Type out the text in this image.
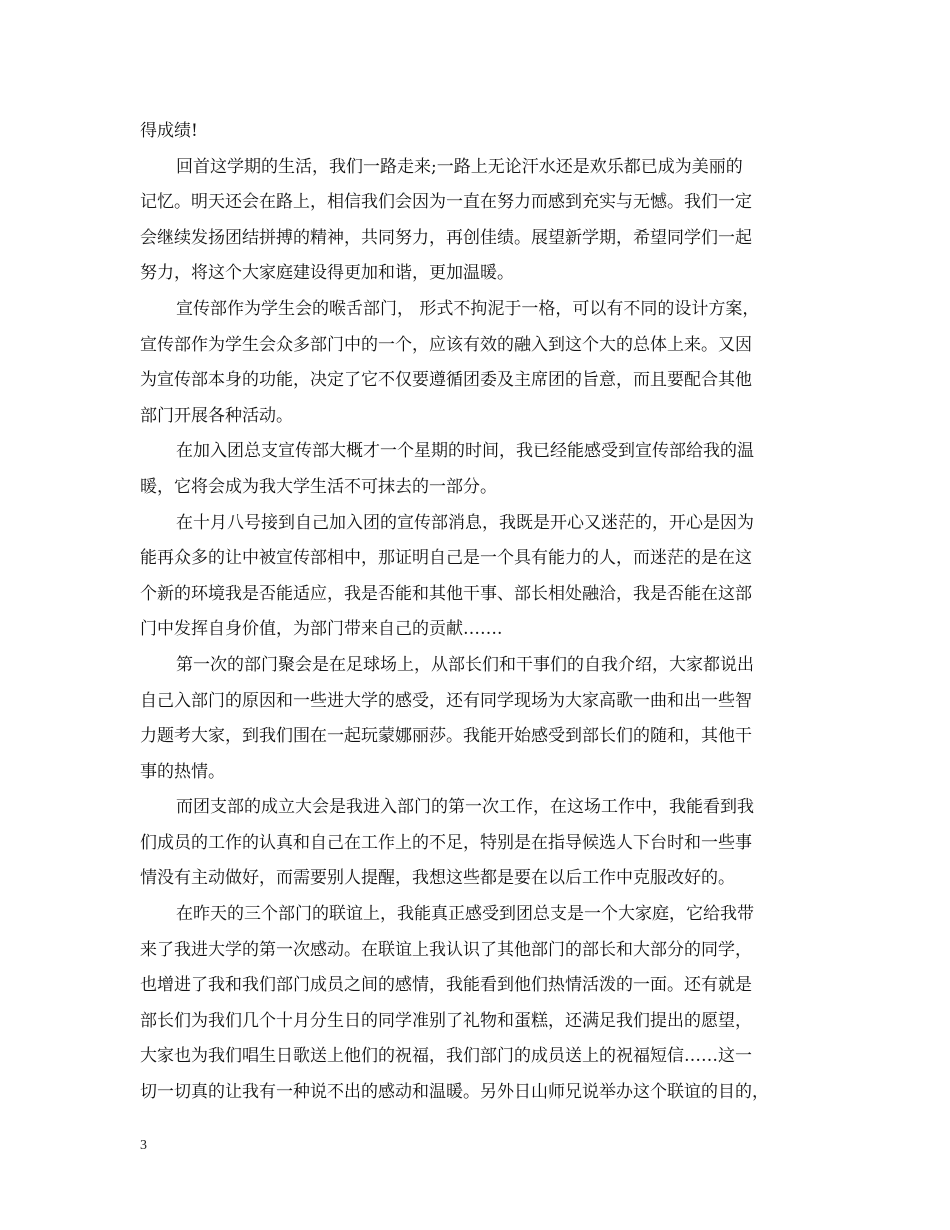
得成绩!
回首这学期的生活，我们一路走来;一路上无论汗水还是欢乐都已成为美丽的
记忆。明天还会在路上，相信我们会因为一直在努力而感到充实与无憾。我们一定
会继续发扬团结拼搏的精神，共同努力，再创佳绩。展望新学期，希望同学们一起
努力，将这个大家庭建设得更加和谐，更加温暖。
宣传部作为学生会的喉舌部门， 形式不拘泥于一格，可以有不同的设计方案，
宣传部作为学生会众多部门中的一个，应该有效的融入到这个大的总体上来。又因
为宣传部本身的功能，决定了它不仅要遵循团委及主席团的旨意，而且要配合其他
部门开展各种活动。
在加入团总支宣传部大概才一个星期的时间，我已经能感受到宣传部给我的温
暖，它将会成为我大学生活不可抹去的一部分。
在十月八号接到自己加入团的宣传部消息，我既是开心又迷茫的，开心是因为
能再众多的让中被宣传部相中，那证明自己是一个具有能力的人，而迷茫的是在这
个新的环境我是否能适应，我是否能和其他干事、部长相处融洽，我是否能在这部
门中发挥自身价值，为部门带来自己的贡献…….
第一次的部门聚会是在足球场上，从部长们和干事们的自我介绍，大家都说出
自己入部门的原因和一些进大学的感受，还有同学现场为大家高歌一曲和出一些智
力题考大家，到我们围在一起玩蒙娜丽莎。我能开始感受到部长们的随和，其他干
事的热情。
而团支部的成立大会是我进入部门的第一次工作，在这场工作中，我能看到我
们成员的工作的认真和自己在工作上的不足，特别是在指导候选人下台时和一些事
情没有主动做好，而需要别人提醒，我想这些都是要在以后工作中克服改好的。
在昨天的三个部门的联谊上，我能真正感受到团总支是一个大家庭，它给我带
来了我进大学的第一次感动。在联谊上我认识了其他部门的部长和大部分的同学，
也增进了我和我们部门成员之间的感情，我能看到他们热情活泼的一面。还有就是
部长们为我们几个十月分生日的同学准别了礼物和蛋糕，还满足我们提出的愿望，
大家也为我们唱生日歌送上他们的祝福，我们部门的成员送上的祝福短信……这一
切一切真的让我有一种说不出的感动和温暖。另外日山师兄说举办这个联谊的目的，
3
